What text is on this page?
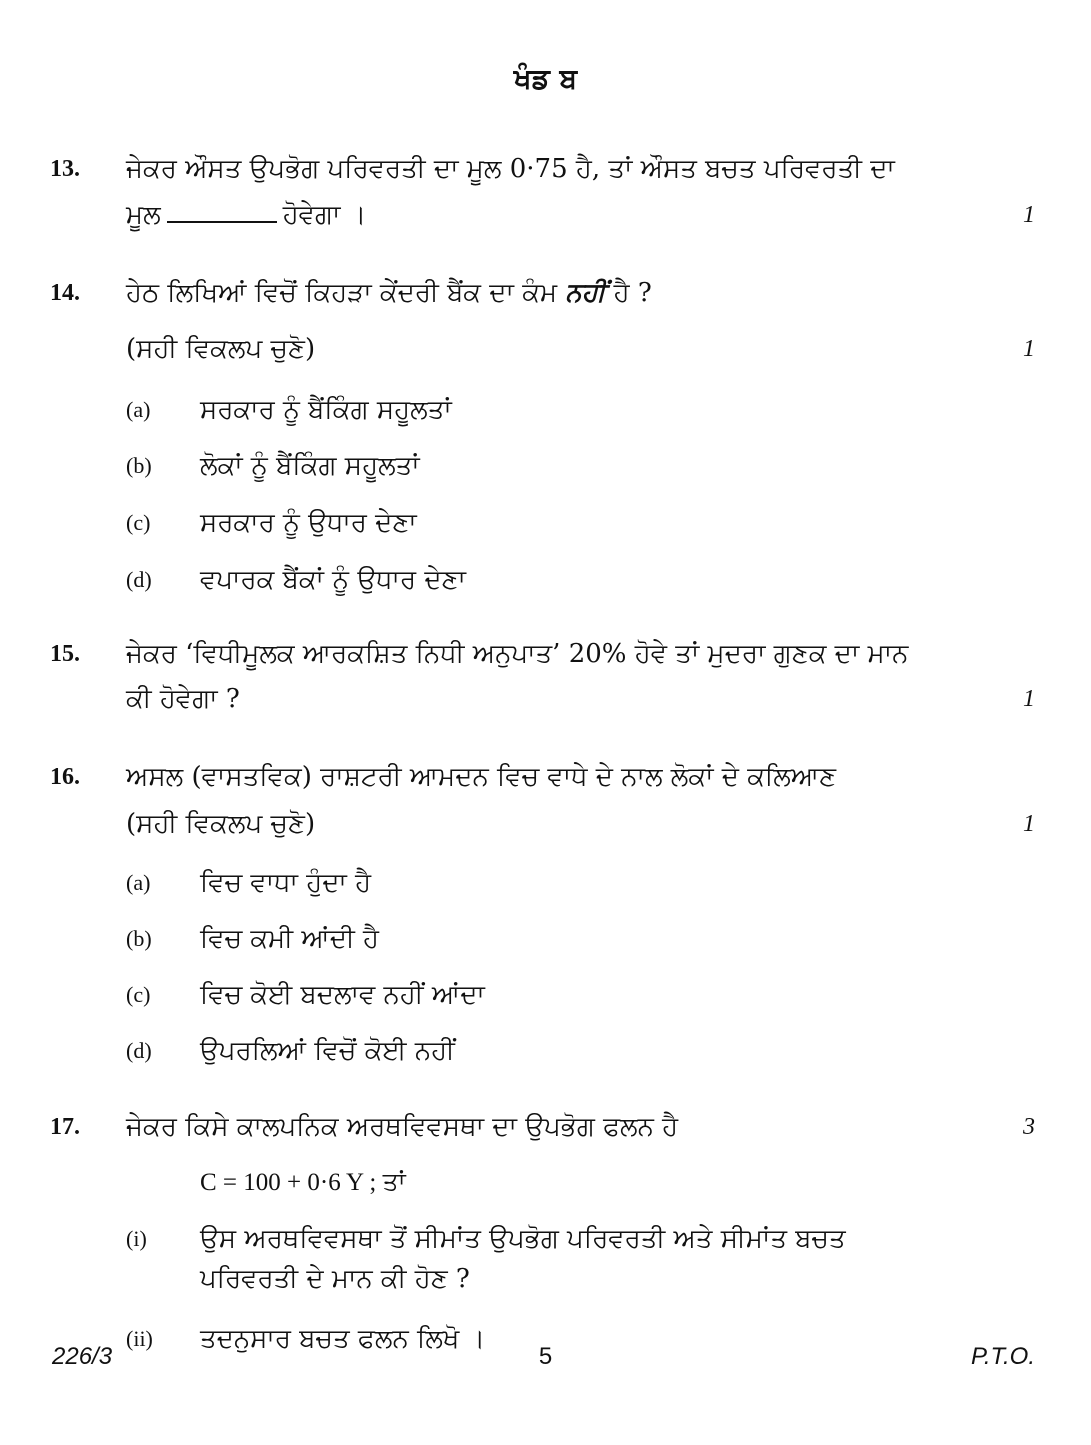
ਖੰਡ ਬ
13. ਜੇਕਰ ਔਸਤ ਉਪਭੋਗ ਪਰਿਵਰਤੀ ਦਾ ਮੂਲ 0·75 ਹੈ, ਤਾਂ ਔਸਤ ਬਚਤ ਪਰਿਵਰਤੀ ਦਾ
ਮੂਲ	ਹੋਵੇਗਾ ।	1
14. ਹੇਠ ਲਿਖਿਆਂ ਵਿਚੋਂ ਕਿਹੜਾ ਕੇਂਦਰੀ ਬੈਂਕ ਦਾ ਕੰਮ ਨਹੀਂ ਹੈ ?
(ਸਹੀ ਵਿਕਲਪ ਚੁਣੋ)	1
(a) ਸਰਕਾਰ ਨੂੰ ਬੈਂਕਿੰਗ ਸਹੂਲਤਾਂ
(b) ਲੋਕਾਂ ਨੂੰ ਬੈਂਕਿੰਗ ਸਹੂਲਤਾਂ
(c) ਸਰਕਾਰ ਨੂੰ ਉਧਾਰ ਦੇਣਾ
(d) ਵਪਾਰਕ ਬੈਂਕਾਂ ਨੂੰ ਉਧਾਰ ਦੇਣਾ
15. ਜੇਕਰ ‘ਵਿਧੀਮੂਲਕ ਆਰਕਸ਼ਿਤ ਨਿਧੀ ਅਨੁਪਾਤ’ 20% ਹੋਵੇ ਤਾਂ ਮੁਦਰਾ ਗੁਣਕ ਦਾ ਮਾਨ
ਕੀ ਹੋਵੇਗਾ ?	1
16. ਅਸਲ (ਵਾਸਤਵਿਕ) ਰਾਸ਼ਟਰੀ ਆਮਦਨ ਵਿਚ ਵਾਧੇ ਦੇ ਨਾਲ ਲੋਕਾਂ ਦੇ ਕਲਿਆਣ
(ਸਹੀ ਵਿਕਲਪ ਚੁਣੋ)	1
(a) ਵਿਚ ਵਾਧਾ ਹੁੰਦਾ ਹੈ
(b) ਵਿਚ ਕਮੀ ਆਂਦੀ ਹੈ
(c) ਵਿਚ ਕੋਈ ਬਦਲਾਵ ਨਹੀਂ ਆਂਦਾ
(d) ਉਪਰਲਿਆਂ ਵਿਚੋਂ ਕੋਈ ਨਹੀਂ
17. ਜੇਕਰ ਕਿਸੇ ਕਾਲਪਨਿਕ ਅਰਥਵਿਵਸਥਾ ਦਾ ਉਪਭੋਗ ਫਲਨ ਹੈ	3
C = 100 + 0·6 Y ; ਤਾਂ
(i) ਉਸ ਅਰਥਵਿਵਸਥਾ ਤੋਂ ਸੀਮਾਂਤ ਉਪਭੋਗ ਪਰਿਵਰਤੀ ਅਤੇ ਸੀਮਾਂਤ ਬਚਤ
ਪਰਿਵਰਤੀ ਦੇ ਮਾਨ ਕੀ ਹੋਣ ?
(ii) ਤਦਨੁਸਾਰ ਬਚਤ ਫਲਨ ਲਿਖੋ ।
226/3	5	P.T.O.
